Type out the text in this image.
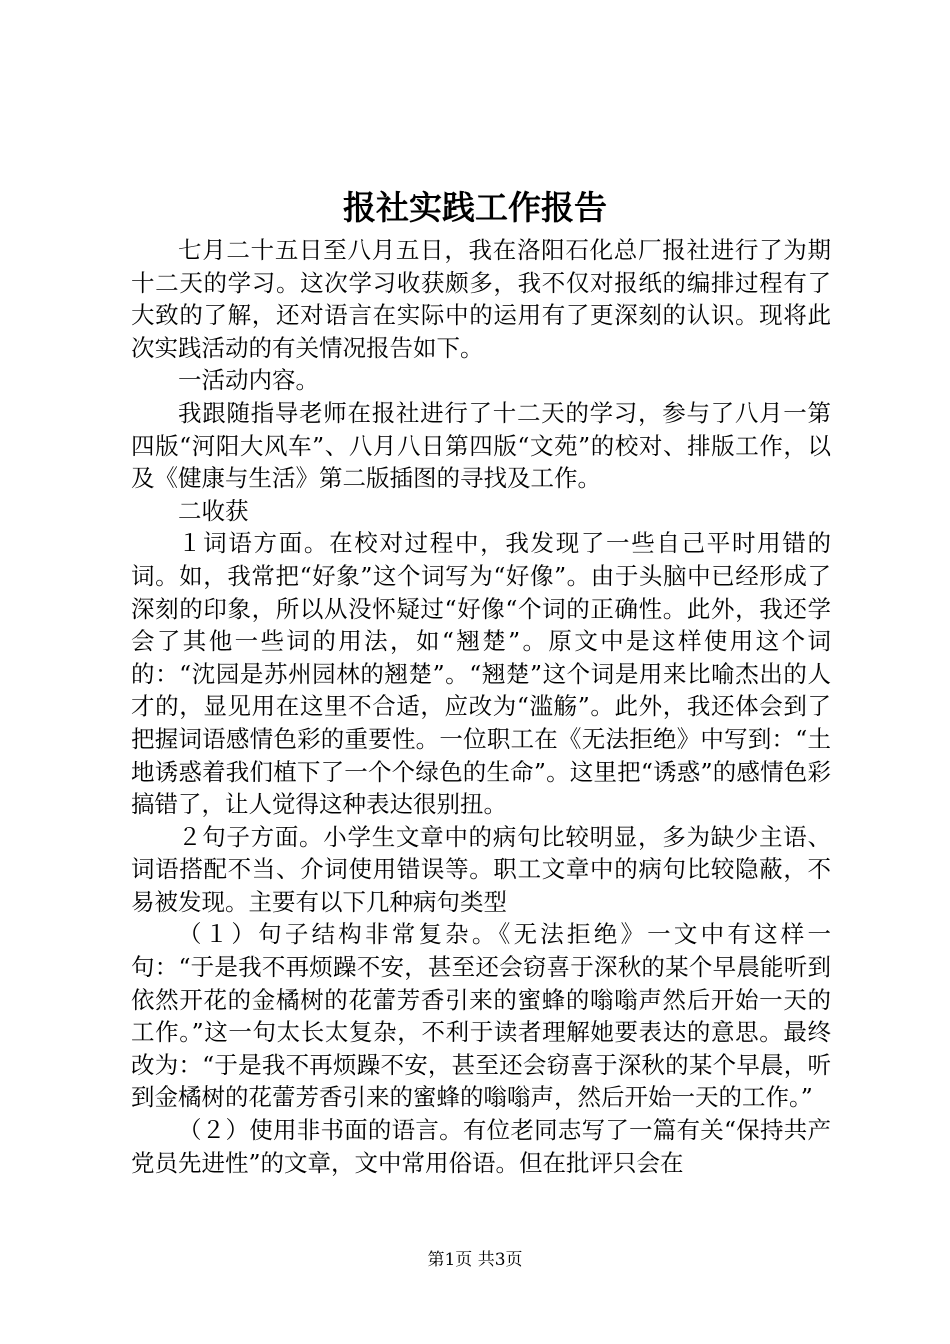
报社实践工作报告

七月二十五日至八月五日，我在洛阳石化总厂报社进行了为期十二天的学习。这次学习收获颇多，我不仅对报纸的编排过程有了大致的了解，还对语言在实际中的运用有了更深刻的认识。现将此次实践活动的有关情况报告如下。

一活动内容。

我跟随指导老师在报社进行了十二天的学习，参与了八月一第四版“河阳大风车”、八月八日第四版“文苑”的校对、排版工作，以及《健康与生活》第二版插图的寻找及工作。

二收获

１词语方面。在校对过程中，我发现了一些自己平时用错的词。如，我常把“好象”这个词写为“好像”。由于头脑中已经形成了深刻的印象，所以从没怀疑过“好像“个词的正确性。此外，我还学会了其他一些词的用法，如“翘楚”。原文中是这样使用这个词的：“沈园是苏州园林的翘楚”。“翘楚”这个词是用来比喻杰出的人才的，显见用在这里不合适，应改为“滥觞”。此外，我还体会到了把握词语感情色彩的重要性。一位职工在《无法拒绝》中写到：“土地诱惑着我们植下了一个个绿色的生命”。这里把“诱惑”的感情色彩搞错了，让人觉得这种表达很别扭。

２句子方面。小学生文章中的病句比较明显，多为缺少主语、词语搭配不当、介词使用错误等。职工文章中的病句比较隐蔽，不易被发现。主要有以下几种病句类型

（１）句子结构非常复杂。《无法拒绝》一文中有这样一句：“于是我不再烦躁不安，甚至还会窃喜于深秋的某个早晨能听到依然开花的金橘树的花蕾芳香引来的蜜蜂的嗡嗡声然后开始一天的工作。”这一句太长太复杂，不利于读者理解她要表达的意思。最终改为：“于是我不再烦躁不安，甚至还会窃喜于深秋的某个早晨，听到金橘树的花蕾芳香引来的蜜蜂的嗡嗡声，然后开始一天的工作。”

（２）使用非书面的语言。有位老同志写了一篇有关“保持共产党员先进性”的文章，文中常用俗语。但在批评只会在

第1页 共3页
